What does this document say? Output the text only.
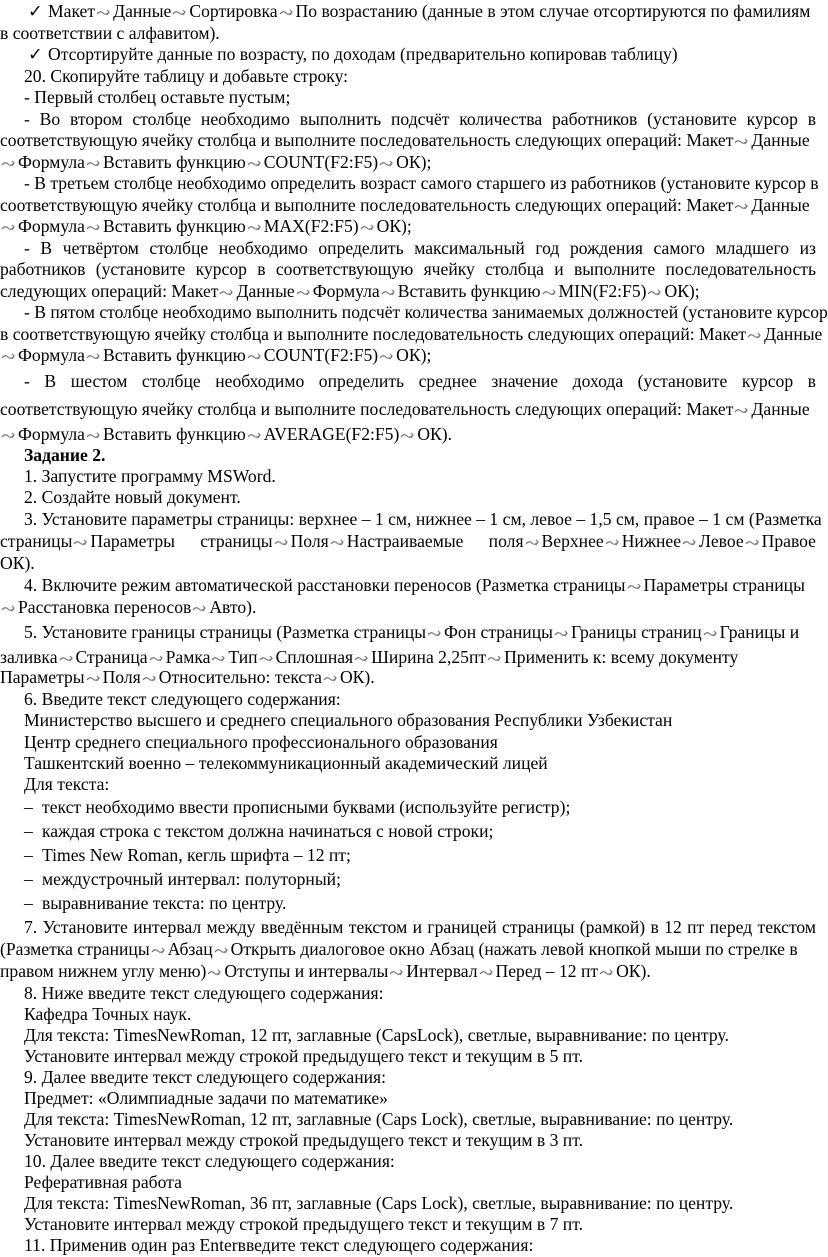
✓ Макет Данные Сортировка По возрастанию (данные в этом случае отсортируются по фамилиям
в соответствии с алфавитом).
✓ Отсортируйте данные по возрасту, по доходам (предварительно копировав таблицу)
20. Скопируйте таблицу и добавьте строку:
- Первый столбец оставьте пустым;
- Во втором столбце необходимо выполнить подсчёт количества работников (установите курсор в
соответствующую ячейку столбца и выполните последовательность следующих операций: Макет Данные
Формула Вставить функцию COUNT(F2:F5) ОК);
- В третьем столбце необходимо определить возраст самого старшего из работников (установите курсор в
соответствующую ячейку столбца и выполните последовательность следующих операций: Макет Данные
Формула Вставить функцию MAX(F2:F5) ОК);
- В четвёртом столбце необходимо определить максимальный год рождения самого младшего из
работников (установите курсор в соответствующую ячейку столбца и выполните последовательность
следующих операций: Макет Данные Формула Вставить функцию MIN(F2:F5) ОК);
- В пятом столбце необходимо выполнить подсчёт количества занимаемых должностей (установите курсор
в соответствующую ячейку столбца и выполните последовательность следующих операций: Макет Данные
Формула Вставить функцию COUNT(F2:F5) ОК);
- В шестом столбце необходимо определить среднее значение дохода (установите курсор в
соответствующую ячейку столбца и выполните последовательность следующих операций: Макет Данные
Формула Вставить функцию AVERAGE(F2:F5) ОК).
Задание 2.
1. Запустите программу MSWord.
2. Создайте новый документ.
3. Установите параметры страницы: верхнее – 1 см, нижнее – 1 см, левое – 1,5 см, правое – 1 см (Разметка
страницы Параметры страницы Поля Настраиваемые поля Верхнее Нижнее Левое Правое
ОК).
4. Включите режим автоматической расстановки переносов (Разметка страницы Параметры страницы
Расстановка переносов Авто).
5. Установите границы страницы (Разметка страницы Фон страницы Границы страниц Границы и
заливка Страница Рамка Тип Сплошная Ширина 2,25пт Применить к: всему документу
Параметры Поля Относительно: текста ОК).
6. Введите текст следующего содержания:
Министерство высшего и среднего специального образования Республики Узбекистан
Центр среднего специального профессионального образования
Ташкентский военно – телекоммуникационный академический лицей
Для текста:
– текст необходимо ввести прописными буквами (используйте регистр);
– каждая строка с текстом должна начинаться с новой строки;
– Times New Roman, кегль шрифта – 12 пт;
– междустрочный интервал: полуторный;
– выравнивание текста: по центру.
7. Установите интервал между введённым текстом и границей страницы (рамкой) в 12 пт перед текстом
(Разметка страницы Абзац Открыть диалоговое окно Абзац (нажать левой кнопкой мыши по стрелке в
правом нижнем углу меню) Отступы и интервалы Интервал Перед – 12 пт ОК).
8. Ниже введите текст следующего содержания:
Кафедра Точных наук.
Для текста: TimesNewRoman, 12 пт, заглавные (CapsLock), светлые, выравнивание: по центру.
Установите интервал между строкой предыдущего текст и текущим в 5 пт.
9. Далее введите текст следующего содержания:
Предмет: «Олимпиадные задачи по математике»
Для текста: TimesNewRoman, 12 пт, заглавные (Caps Lock), светлые, выравнивание: по центру.
Установите интервал между строкой предыдущего текст и текущим в 3 пт.
10. Далее введите текст следующего содержания:
Реферативная работа
Для текста: TimesNewRoman, 36 пт, заглавные (Caps Lock), светлые, выравнивание: по центру.
Установите интервал между строкой предыдущего текст и текущим в 7 пт.
11. Применив один раз Enterвведите текст следующего содержания:
